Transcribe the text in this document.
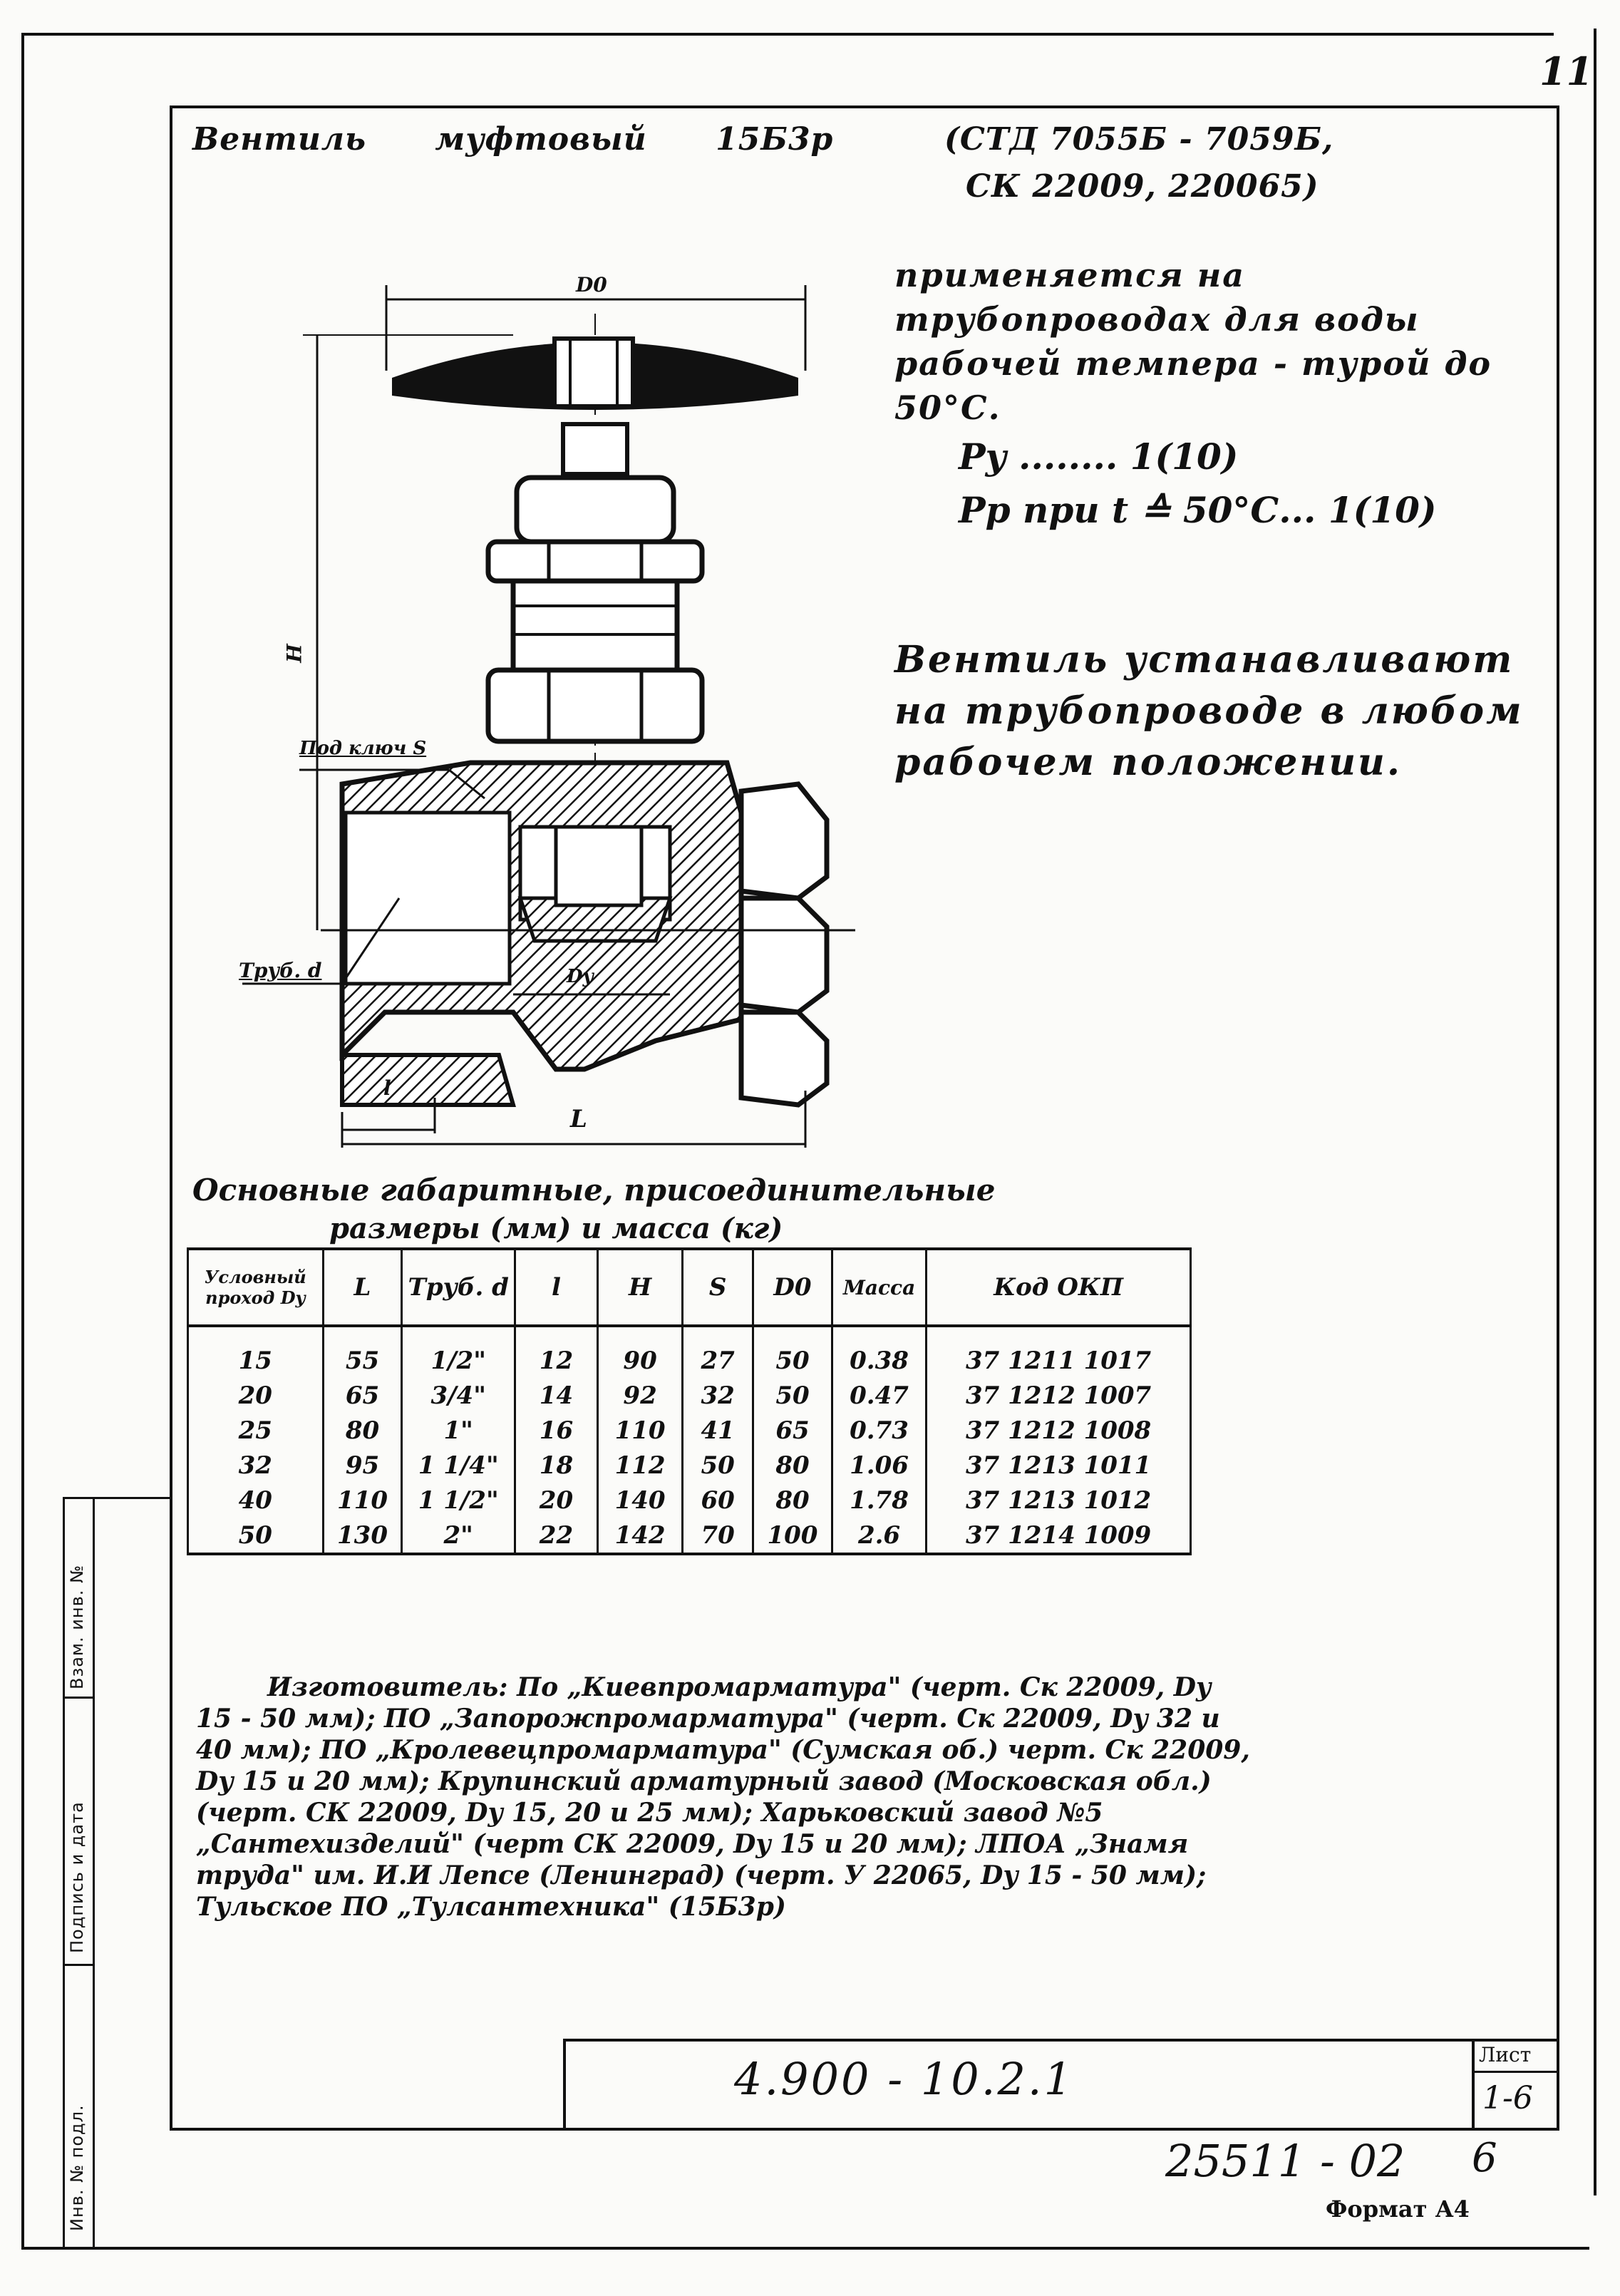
11
Вентиль муфтовый 15Б3р	(СТД 7055Б - 7059Б,
СК 22009, 220065)
применяется на трубопроводах для воды рабочей темпера - турой до 50°С.
Py ........ 1(10)
Pp при t ≙ 50°С... 1(10)
Вентиль устанавливают на трубопроводе в любом рабочем положении.
D0
H
Под ключ S
Труб. d	Dy
l
L
Основные габаритные, присоединительные
размеры (мм) и масса (кг)
Условный проход Dy	L	Труб. d	l	H	S	D0	Масса	Код ОКП
15	55	1/2"	12	90	27	50	0.38	37 1211 1017
20	65	3/4"	14	92	32	50	0.47	37 1212 1007
25	80	1"	16	110	41	65	0.73	37 1212 1008
32	95	1 1/4"	18	112	50	80	1.06	37 1213 1011
40	110	1 1/2"	20	140	60	80	1.78	37 1213 1012
50	130	2"	22	142	70	100	2.6	37 1214 1009
Изготовитель: По „Киевпромарматура" (черт. Ск 22009, Dy 15 - 50 мм); ПО „Запорожпромарматура" (черт. Ск 22009, Dy 32 и 40 мм); ПО „Кролевецпромарматура" (Сумская об.) черт. Ск 22009, Dy 15 и 20 мм); Крупинский арматурный завод (Московская обл.) (черт. СК 22009, Dy 15, 20 и 25 мм); Харьковский завод №5 „Сантехизделий" (черт СК 22009, Dy 15 и 20 мм); ЛПОА „Знамя труда" им. И.И Лепсе (Ленинград) (черт. У 22065, Dy 15 - 50 мм); Тульское ПО „Тулсантехника" (15Б3р)
Инв. № подл.
Подпись и дата
Взам. инв. №
4.900 - 10.2.1	Лист
1-6
25511 - 02 6
Формат А4
